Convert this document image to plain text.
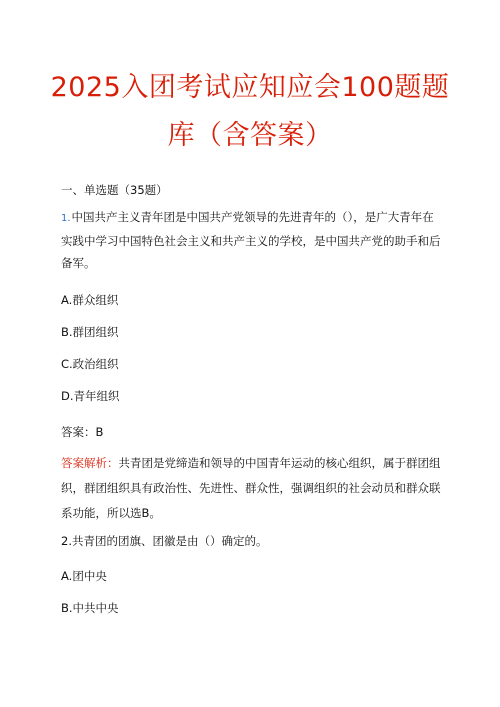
2025入团考试应知应会100题题
库（含答案）
一、单选题（35题）
1.中国共产主义青年团是中国共产党领导的先进青年的（），是广大青年在实践中学习中国特色社会主义和共产主义的学校，是中国共产党的助手和后备军。
A.群众组织
B.群团组织
C.政治组织
D.青年组织
答案：B
答案解析：共青团是党缔造和领导的中国青年运动的核心组织，属于群团组织，群团组织具有政治性、先进性、群众性，强调组织的社会动员和群众联系功能，所以选B。
2.共青团的团旗、团徽是由（）确定的。
A.团中央
B.中共中央
